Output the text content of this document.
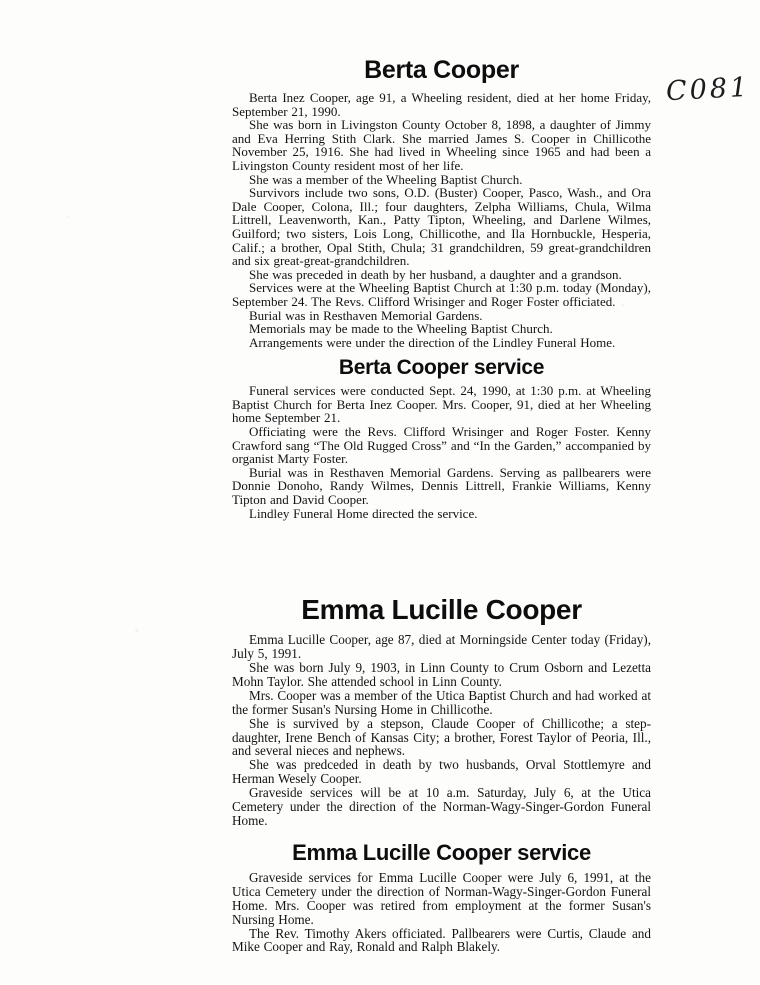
C081
Berta Cooper

Berta Inez Cooper, age 91, a Wheeling resident, died at her home Friday, September 21, 1990.

She was born in Livingston County October 8, 1898, a daughter of Jimmy and Eva Herring Stith Clark. She married James S. Cooper in Chillicothe November 25, 1916. She had lived in Wheeling since 1965 and had been a Livingston County resident most of her life.

She was a member of the Wheeling Baptist Church.

Survivors include two sons, O.D. (Buster) Cooper, Pasco, Wash., and Ora Dale Cooper, Colona, Ill.; four daughters, Zelpha Williams, Chula, Wilma Littrell, Leavenworth, Kan., Patty Tipton, Wheeling, and Darlene Wilmes, Guilford; two sisters, Lois Long, Chillicothe, and Ila Hornbuckle, Hesperia, Calif.; a brother, Opal Stith, Chula; 31 grandchildren, 59 great-grandchildren and six great-great-grandchildren.

She was preceded in death by her husband, a daughter and a grandson.

Services were at the Wheeling Baptist Church at 1:30 p.m. today (Monday), September 24. The Revs. Clifford Wrisinger and Roger Foster officiated.

Burial was in Resthaven Memorial Gardens.

Memorials may be made to the Wheeling Baptist Church.

Arrangements were under the direction of the Lindley Funeral Home.

Berta Cooper service

Funeral services were conducted Sept. 24, 1990, at 1:30 p.m. at Wheeling Baptist Church for Berta Inez Cooper. Mrs. Cooper, 91, died at her Wheeling home September 21.

Officiating were the Revs. Clifford Wrisinger and Roger Foster. Kenny Crawford sang “The Old Rugged Cross” and “In the Garden,” accompanied by organist Marty Foster.

Burial was in Resthaven Memorial Gardens. Serving as pallbearers were Donnie Donoho, Randy Wilmes, Dennis Littrell, Frankie Williams, Kenny Tipton and David Cooper.

Lindley Funeral Home directed the service.

Emma Lucille Cooper

Emma Lucille Cooper, age 87, died at Morningside Center today (Friday), July 5, 1991.

She was born July 9, 1903, in Linn County to Crum Osborn and Lezetta Mohn Taylor. She attended school in Linn County.

Mrs. Cooper was a member of the Utica Baptist Church and had worked at the former Susan's Nursing Home in Chillicothe.

She is survived by a stepson, Claude Cooper of Chillicothe; a step-daughter, Irene Bench of Kansas City; a brother, Forest Taylor of Peoria, Ill., and several nieces and nephews.

She was predceded in death by two husbands, Orval Stottlemyre and Herman Wesely Cooper.

Graveside services will be at 10 a.m. Saturday, July 6, at the Utica Cemetery under the direction of the Norman-Wagy-Singer-Gordon Funeral Home.

Emma Lucille Cooper service

Graveside services for Emma Lucille Cooper were July 6, 1991, at the Utica Cemetery under the direction of Norman-Wagy-Singer-Gordon Funeral Home. Mrs. Cooper was retired from employment at the former Susan's Nursing Home.

The Rev. Timothy Akers officiated. Pallbearers were Curtis, Claude and Mike Cooper and Ray, Ronald and Ralph Blakely.
